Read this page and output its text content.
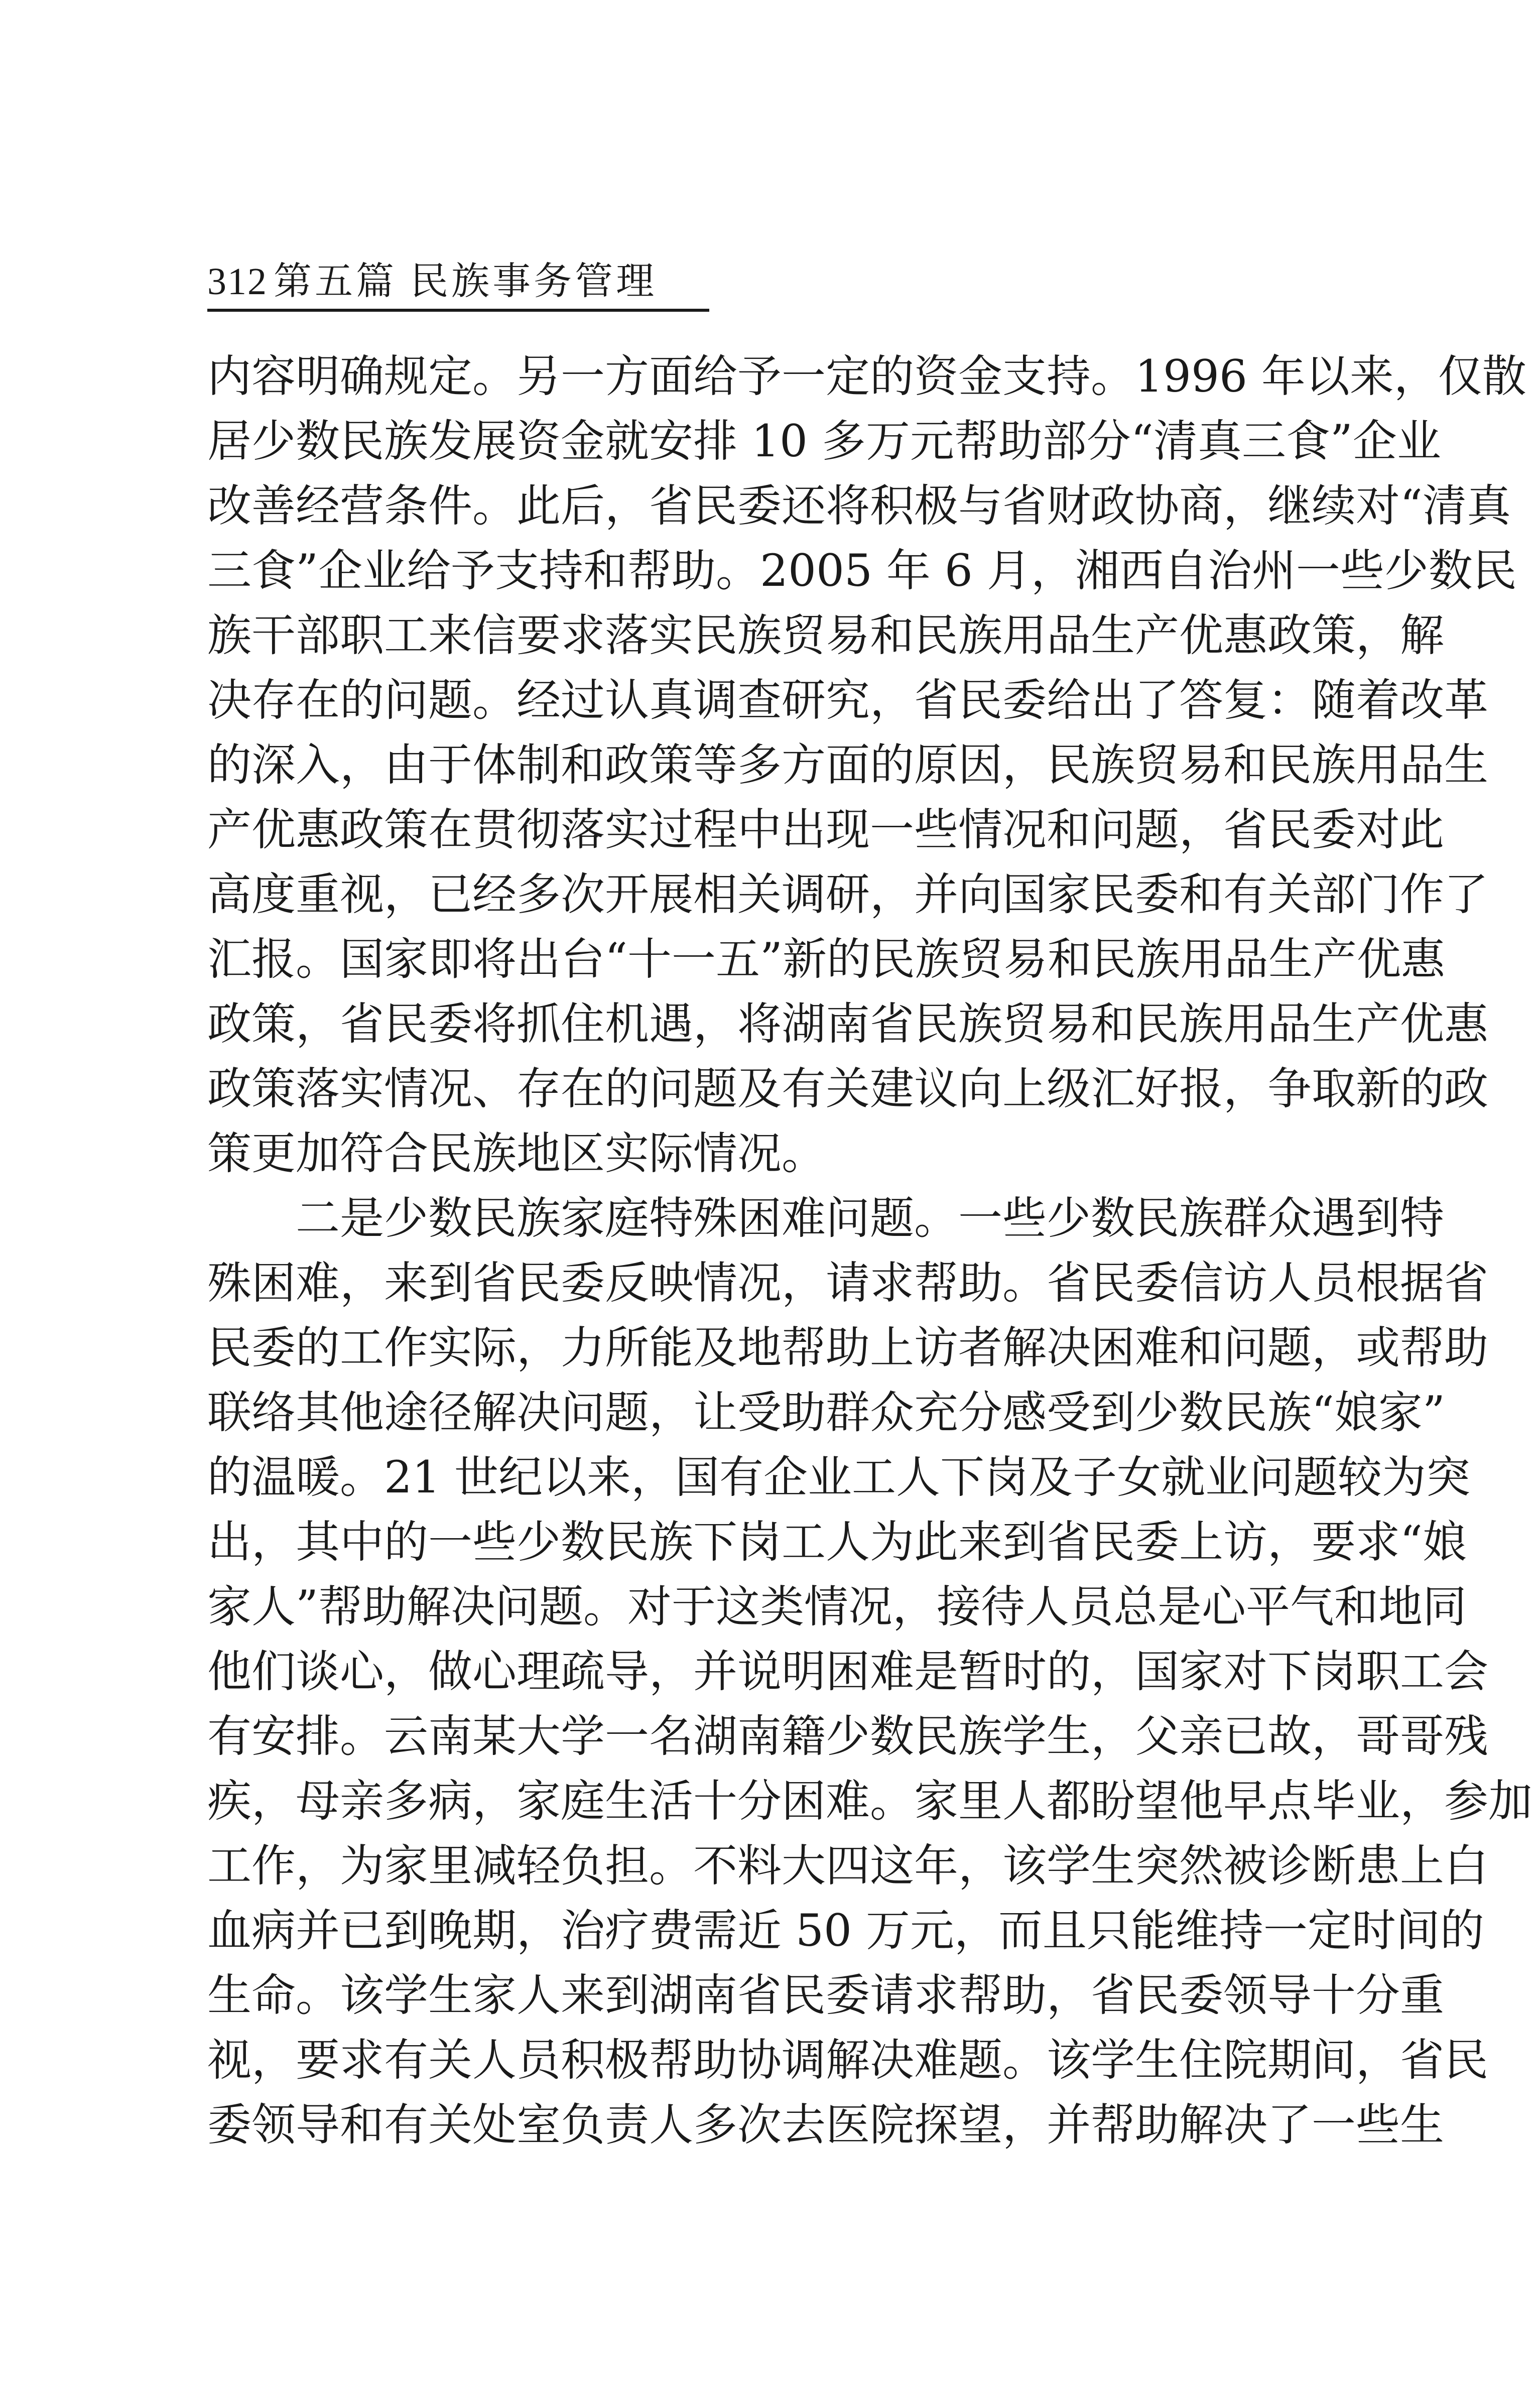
312 第五篇 民族事务管理
内容明确规定。另一方面给予一定的资金支持。1996 年以来，仅散
居少数民族发展资金就安排 10 多万元帮助部分“清真三食”企业
改善经营条件。此后，省民委还将积极与省财政协商，继续对“清真
三食”企业给予支持和帮助。2005 年 6 月，湘西自治州一些少数民
族干部职工来信要求落实民族贸易和民族用品生产优惠政策，解
决存在的问题。经过认真调查研究，省民委给出了答复：随着改革
的深入，由于体制和政策等多方面的原因，民族贸易和民族用品生
产优惠政策在贯彻落实过程中出现一些情况和问题，省民委对此
高度重视，已经多次开展相关调研，并向国家民委和有关部门作了
汇报。国家即将出台“十一五”新的民族贸易和民族用品生产优惠
政策，省民委将抓住机遇，将湖南省民族贸易和民族用品生产优惠
政策落实情况、存在的问题及有关建议向上级汇好报，争取新的政
策更加符合民族地区实际情况。
二是少数民族家庭特殊困难问题。一些少数民族群众遇到特
殊困难，来到省民委反映情况，请求帮助。省民委信访人员根据省
民委的工作实际，力所能及地帮助上访者解决困难和问题，或帮助
联络其他途径解决问题，让受助群众充分感受到少数民族“娘家”
的温暖。21 世纪以来，国有企业工人下岗及子女就业问题较为突
出，其中的一些少数民族下岗工人为此来到省民委上访，要求“娘
家人”帮助解决问题。对于这类情况，接待人员总是心平气和地同
他们谈心，做心理疏导，并说明困难是暂时的，国家对下岗职工会
有安排。云南某大学一名湖南籍少数民族学生，父亲已故，哥哥残
疾，母亲多病，家庭生活十分困难。家里人都盼望他早点毕业，参加
工作，为家里减轻负担。不料大四这年，该学生突然被诊断患上白
血病并已到晚期，治疗费需近 50 万元，而且只能维持一定时间的
生命。该学生家人来到湖南省民委请求帮助，省民委领导十分重
视，要求有关人员积极帮助协调解决难题。该学生住院期间，省民
委领导和有关处室负责人多次去医院探望，并帮助解决了一些生
